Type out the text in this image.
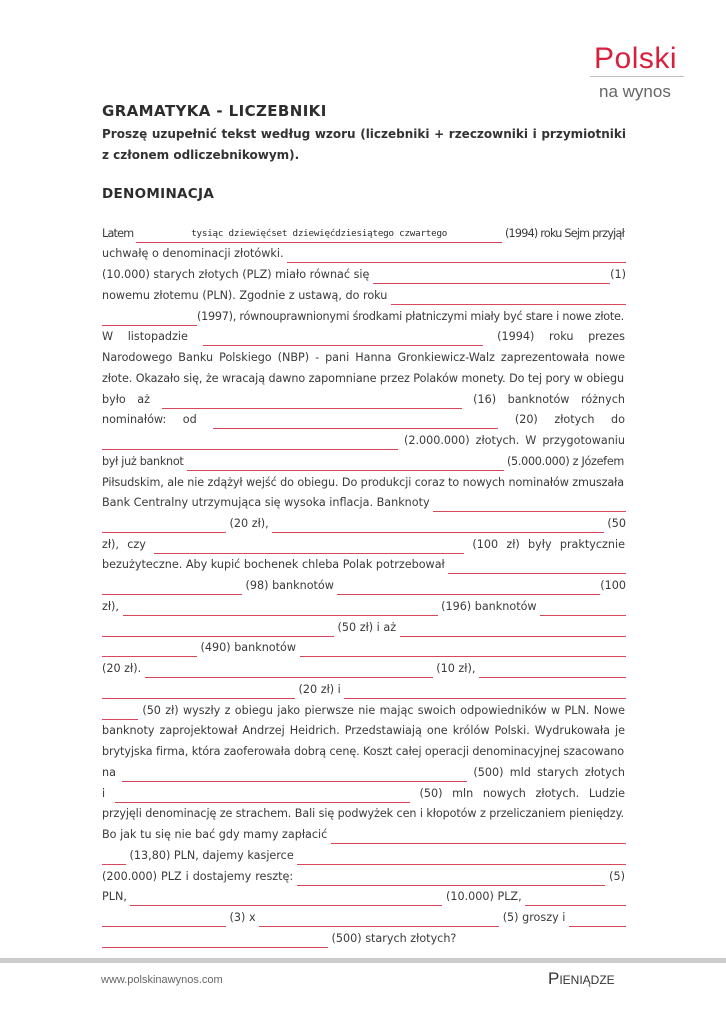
Polski
na wynos
GRAMATYKA - LICZEBNIKI

Proszę uzupełnić tekst według wzoru (liczebniki + rzeczowniki i przymiotniki z członem odliczebnikowym).

DENOMINACJA
Latem	tysiąc dziewięćset dziewięćdziesiątego czwartego	(1994) roku Sejm przyjął
uchwałę o denominacji złotówki.
(10.000) starych złotych (PLZ) miało równać się	(1)
nowemu złotemu (PLN). Zgodnie z ustawą, do roku
(1997), równouprawnionymi środkami płatniczymi miały być stare i nowe złote.
W listopadzie	(1994) roku prezes
Narodowego Banku Polskiego (NBP) - pani Hanna Gronkiewicz-Walz zaprezentowała nowe
złote. Okazało się, że wracają dawno zapomniane przez Polaków monety. Do tej pory w obiegu
było aż	(16) banknotów różnych
nominałów: od	(20) złotych do
(2.000.000) złotych. W przygotowaniu
był już banknot	(5.000.000) z Józefem
Piłsudskim, ale nie zdążył wejść do obiegu. Do produkcji coraz to nowych nominałów zmuszała
Bank Centralny utrzymująca się wysoka inflacja. Banknoty
(20 zł),	(50
zł), czy	(100 zł) były praktycznie
bezużyteczne. Aby kupić bochenek chleba Polak potrzebował
(98) banknotów	(100
zł),	(196) banknotów
(50 zł) i aż
(490) banknotów
(20 zł).	(10 zł),
(20 zł) i
(50 zł) wyszły z obiegu jako pierwsze nie mając swoich odpowiedników w PLN. Nowe
banknoty zaprojektował Andrzej Heidrich. Przedstawiają one królów Polski. Wydrukowała je
brytyjska firma, która zaoferowała dobrą cenę. Koszt całej operacji denominacyjnej szacowano
na	(500) mld starych złotych
i	(50) mln nowych złotych. Ludzie
przyjęli denominację ze strachem. Bali się podwyżek cen i kłopotów z przeliczaniem pieniędzy.
Bo jak tu się nie bać gdy mamy zapłacić
(13,80) PLN, dajemy kasjerce
(200.000) PLZ i dostajemy resztę:	(5)
PLN,	(10.000) PLZ,
(3) x	(5) groszy i
(500) starych złotych?
www.polskinawynos.com	Pieniądze
